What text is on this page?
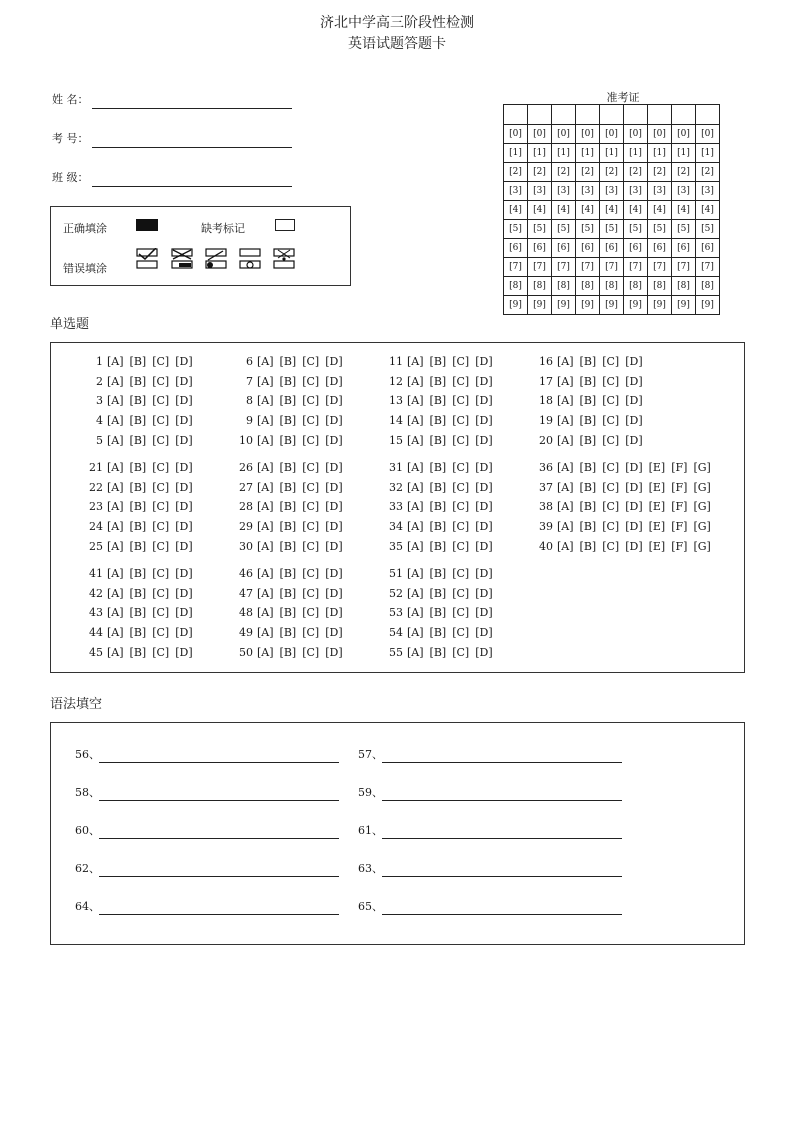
济北中学高三阶段性检测
英语试题答题卡
姓 名：
考 号：
班 级：
正确填涂	缺考标记
错误填涂
准考证

[0]	[0]	[0]	[0]	[0]	[0]	[0]	[0]	[0]
[1]	[1]	[1]	[1]	[1]	[1]	[1]	[1]	[1]
[2]	[2]	[2]	[2]	[2]	[2]	[2]	[2]	[2]
[3]	[3]	[3]	[3]	[3]	[3]	[3]	[3]	[3]
[4]	[4]	[4]	[4]	[4]	[4]	[4]	[4]	[4]
[5]	[5]	[5]	[5]	[5]	[5]	[5]	[5]	[5]
[6]	[6]	[6]	[6]	[6]	[6]	[6]	[6]	[6]
[7]	[7]	[7]	[7]	[7]	[7]	[7]	[7]	[7]
[8]	[8]	[8]	[8]	[8]	[8]	[8]	[8]	[8]
[9]	[9]	[9]	[9]	[9]	[9]	[9]	[9]	[9]
单选题
1 [A] [B] [C] [D]
2 [A] [B] [C] [D]
3 [A] [B] [C] [D]
4 [A] [B] [C] [D]
5 [A] [B] [C] [D]
6 [A] [B] [C] [D]
7 [A] [B] [C] [D]
8 [A] [B] [C] [D]
9 [A] [B] [C] [D]
10 [A] [B] [C] [D]
11 [A] [B] [C] [D]
12 [A] [B] [C] [D]
13 [A] [B] [C] [D]
14 [A] [B] [C] [D]
15 [A] [B] [C] [D]
16 [A] [B] [C] [D]
17 [A] [B] [C] [D]
18 [A] [B] [C] [D]
19 [A] [B] [C] [D]
20 [A] [B] [C] [D]
21 [A] [B] [C] [D]
22 [A] [B] [C] [D]
23 [A] [B] [C] [D]
24 [A] [B] [C] [D]
25 [A] [B] [C] [D]
26 [A] [B] [C] [D]
27 [A] [B] [C] [D]
28 [A] [B] [C] [D]
29 [A] [B] [C] [D]
30 [A] [B] [C] [D]
31 [A] [B] [C] [D]
32 [A] [B] [C] [D]
33 [A] [B] [C] [D]
34 [A] [B] [C] [D]
35 [A] [B] [C] [D]
36 [A] [B] [C] [D] [E] [F] [G]
37 [A] [B] [C] [D] [E] [F] [G]
38 [A] [B] [C] [D] [E] [F] [G]
39 [A] [B] [C] [D] [E] [F] [G]
40 [A] [B] [C] [D] [E] [F] [G]
41 [A] [B] [C] [D]
42 [A] [B] [C] [D]
43 [A] [B] [C] [D]
44 [A] [B] [C] [D]
45 [A] [B] [C] [D]
46 [A] [B] [C] [D]
47 [A] [B] [C] [D]
48 [A] [B] [C] [D]
49 [A] [B] [C] [D]
50 [A] [B] [C] [D]
51 [A] [B] [C] [D]
52 [A] [B] [C] [D]
53 [A] [B] [C] [D]
54 [A] [B] [C] [D]
55 [A] [B] [C] [D]
语法填空
56、	57、
58、	59、
60、	61、
62、	63、
64、	65、
